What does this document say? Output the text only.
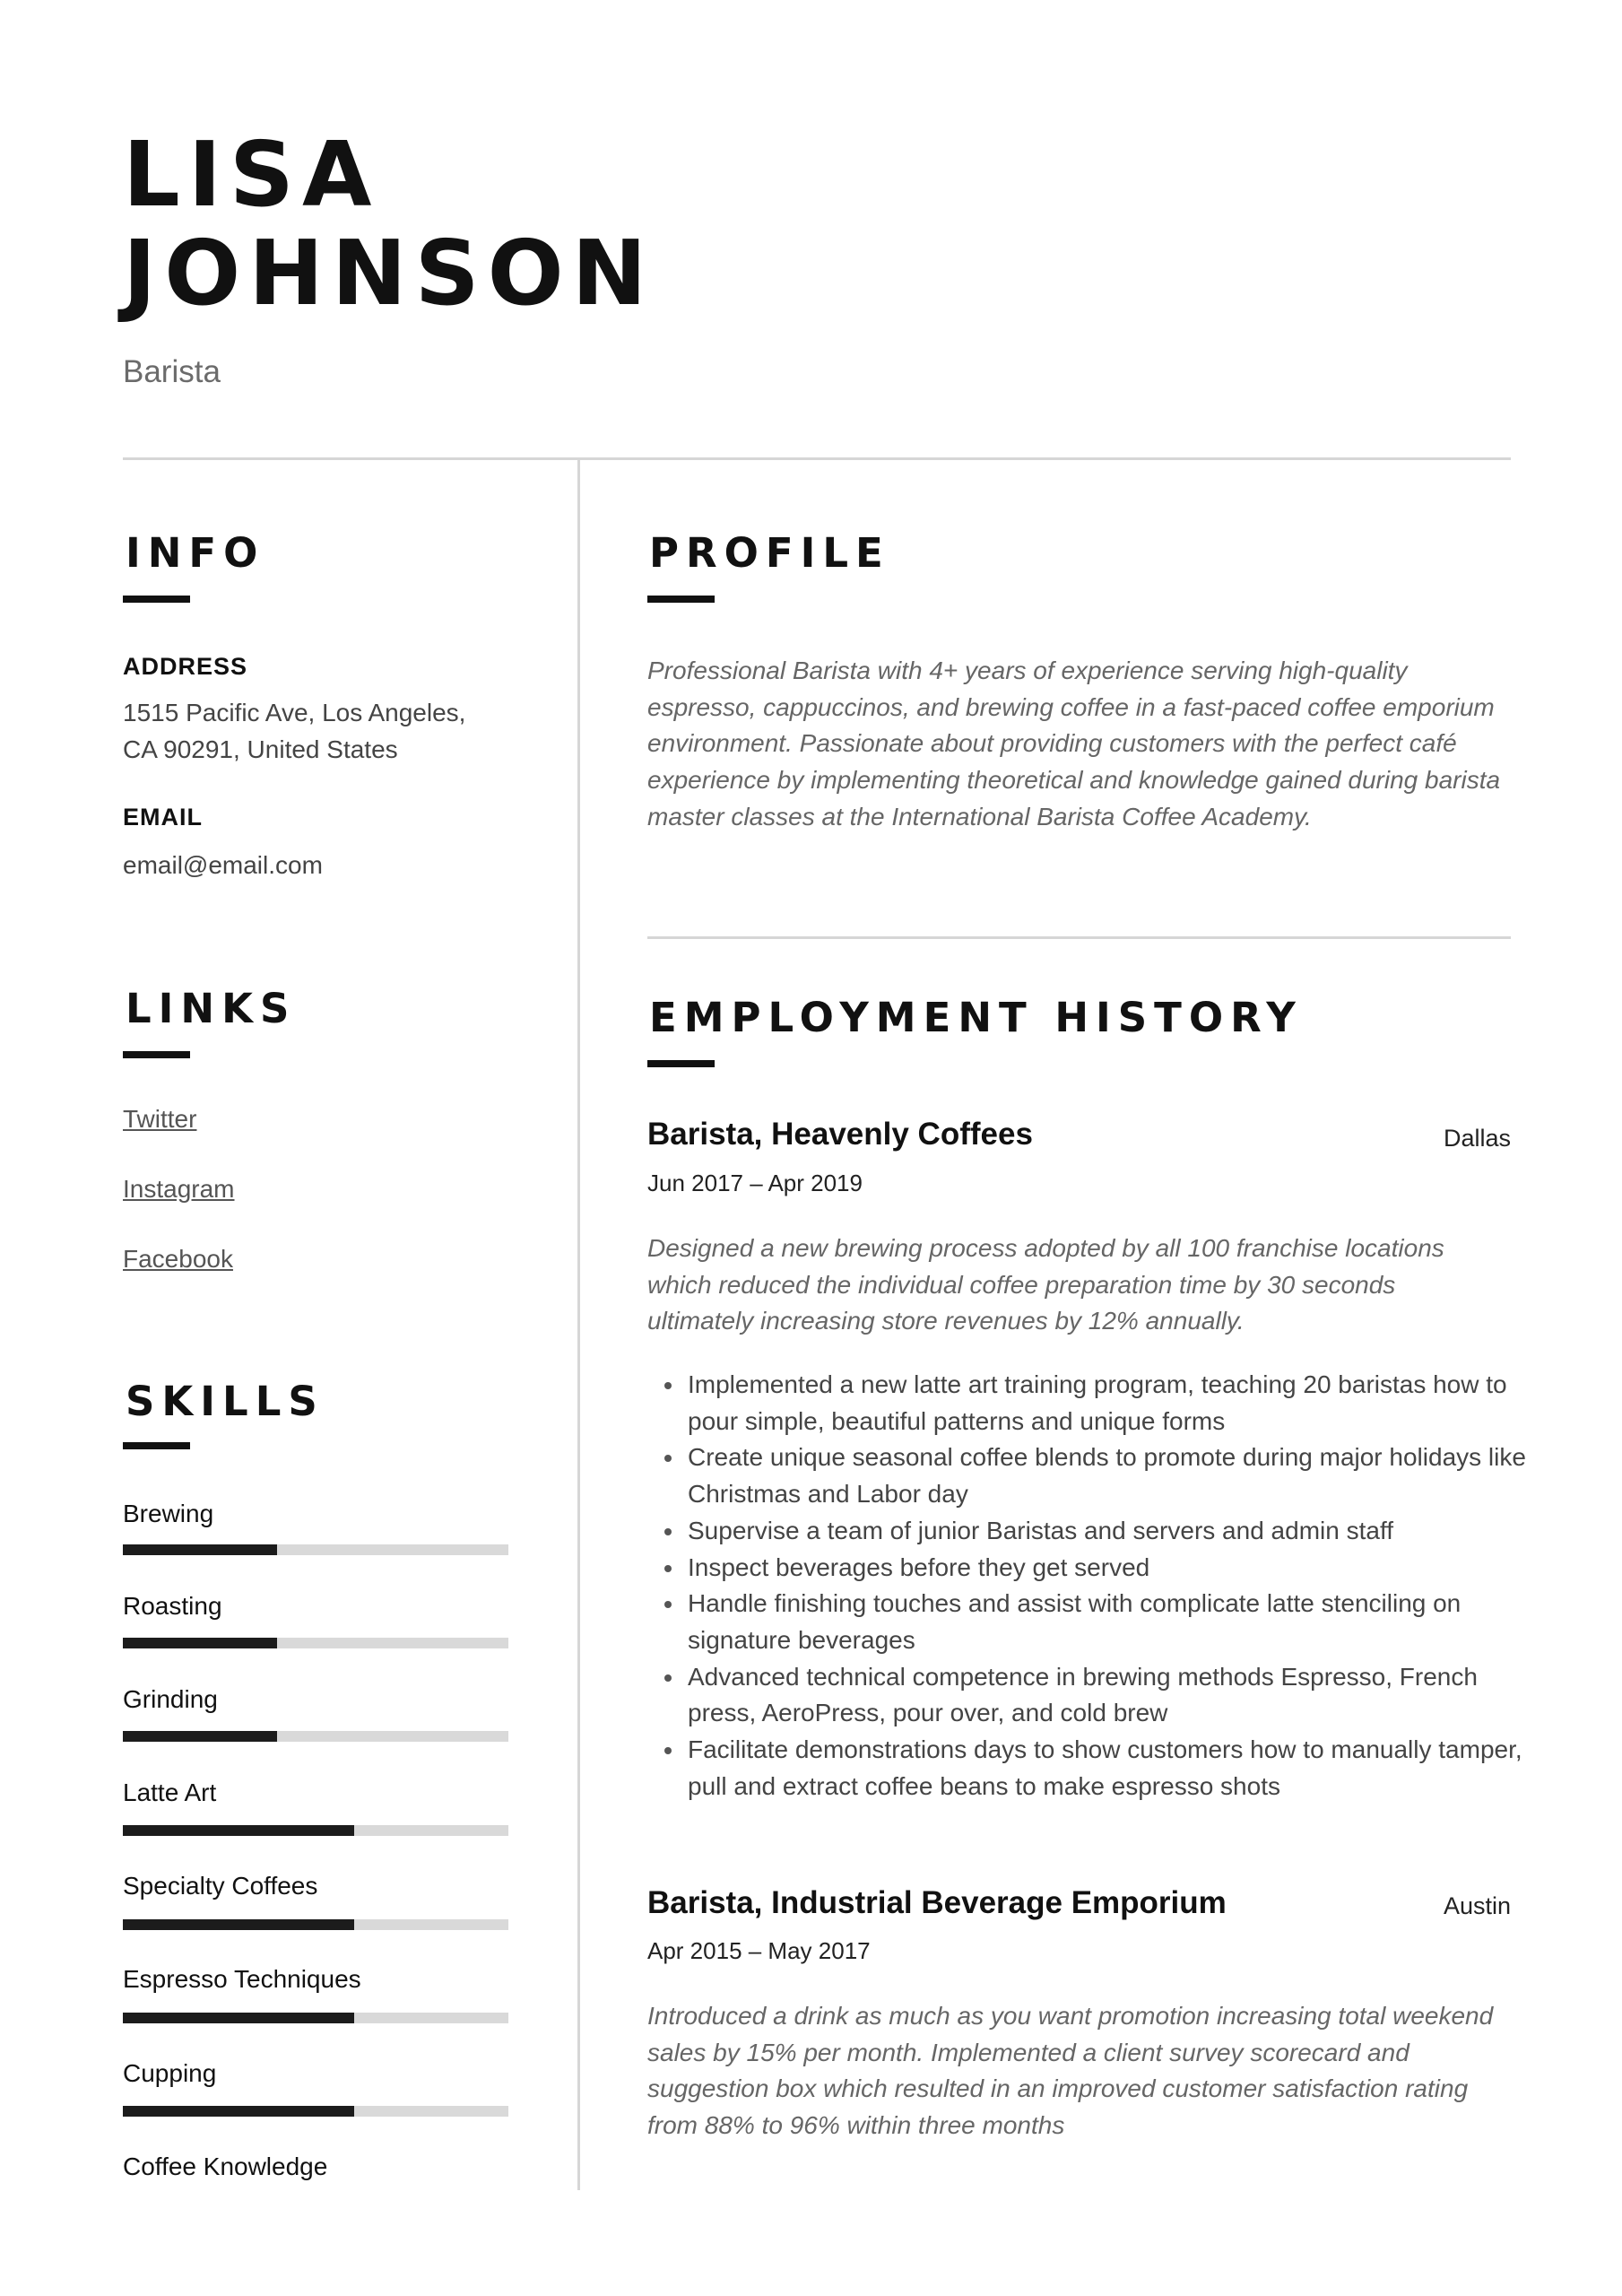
LISA
JOHNSON
Barista
INFO
ADDRESS
1515 Pacific Ave, Los Angeles,
CA 90291, United States
EMAIL
email@email.com
LINKS
Twitter
Instagram
Facebook
SKILLS
Brewing
Roasting
Grinding
Latte Art
Specialty Coffees
Espresso Techniques
Cupping
Coffee Knowledge
PROFILE

Professional Barista with 4+ years of experience serving high-quality espresso, cappuccinos, and brewing coffee in a fast-paced coffee emporium environment. Passionate about providing customers with the perfect café experience by implementing theoretical and knowledge gained during barista master classes at the International Barista Coffee Academy.

EMPLOYMENT HISTORY
Barista, Heavenly Coffees	Dallas
Jun 2017 – Apr 2019

Designed a new brewing process adopted by all 100 franchise locations which reduced the individual coffee preparation time by 30 seconds ultimately increasing store revenues by 12% annually.

Implemented a new latte art training program, teaching 20 baristas how to pour simple, beautiful patterns and unique forms
Create unique seasonal coffee blends to promote during major holidays like Christmas and Labor day
Supervise a team of junior Baristas and servers and admin staff
Inspect beverages before they get served
Handle finishing touches and assist with complicate latte stenciling on signature beverages
Advanced technical competence in brewing methods Espresso, French press, AeroPress, pour over, and cold brew
Facilitate demonstrations days to show customers how to manually tamper, pull and extract coffee beans to make espresso shots
Barista, Industrial Beverage Emporium	Austin
Apr 2015 – May 2017

Introduced a drink as much as you want promotion increasing total weekend sales by 15% per month. Implemented a client survey scorecard and suggestion box which resulted in an improved customer satisfaction rating from 88% to 96% within three months
